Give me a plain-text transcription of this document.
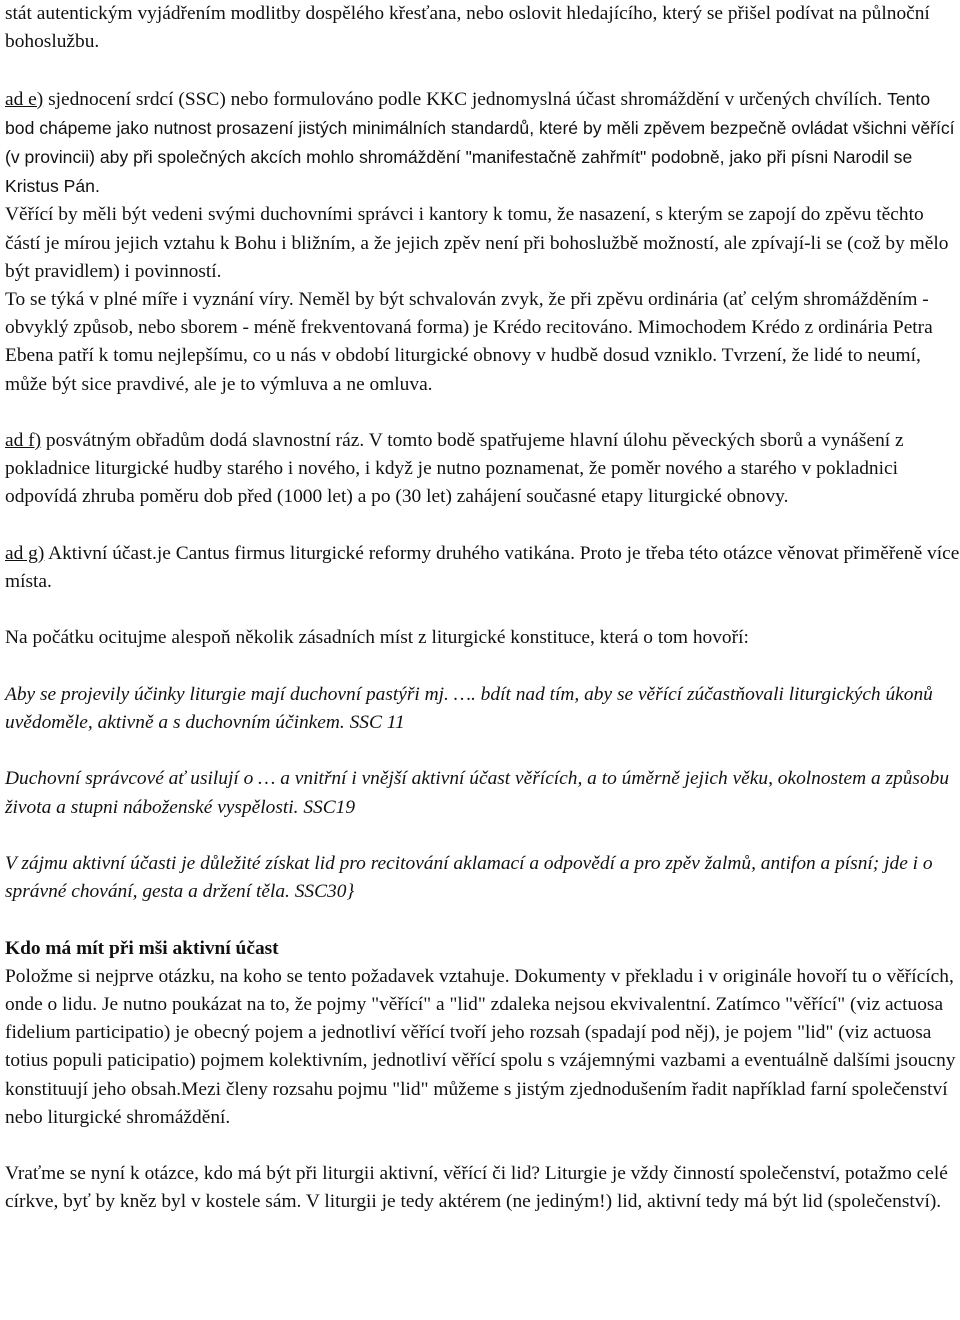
stát autentickým vyjádřením modlitby dospělého křesťana, nebo oslovit hledajícího, který se přišel podívat na půlnoční bohoslužbu.

ad e) sjednocení srdcí (SSC) nebo formulováno podle KKC jednomyslná účast shromáždění v určených chvílích. Tento bod chápeme jako nutnost prosazení jistých minimálních standardů, které by měli zpěvem bezpečně ovládat všichni věřící (v provincii) aby při společných akcích mohlo shromáždění "manifestačně zahřmít" podobně, jako při písni Narodil se Kristus Pán.

Věřící by měli být vedeni svými duchovními správci i kantory k tomu, že nasazení, s kterým se zapojí do zpěvu těchto částí je mírou jejich vztahu k Bohu i bližním, a že jejich zpěv není při bohoslužbě možností, ale zpívají-li se (což by mělo být pravidlem) i povinností.

To se týká v plné míře i vyznání víry. Neměl by být schvalován zvyk, že při zpěvu ordinária (ať celým shromážděním - obvyklý způsob, nebo sborem - méně frekventovaná forma) je Krédo recitováno. Mimochodem Krédo z ordinária Petra Ebena patří k tomu nejlepšímu, co u nás v období liturgické obnovy v hudbě dosud vzniklo. Tvrzení, že lidé to neumí, může být sice pravdivé, ale je to výmluva a ne omluva.

ad f) posvátným obřadům dodá slavnostní ráz. V tomto bodě spatřujeme hlavní úlohu pěveckých sborů a vynášení z pokladnice liturgické hudby starého i nového, i když je nutno poznamenat, že poměr nového a starého v pokladnici odpovídá zhruba poměru dob před (1000 let) a po (30 let) zahájení současné etapy liturgické obnovy.

ad g) Aktivní účast.je Cantus firmus liturgické reformy druhého vatikána. Proto je třeba této otázce věnovat přiměřeně více místa.

Na počátku ocitujme alespoň několik zásadních míst z liturgické konstituce, která o tom hovoří:

Aby se projevily účinky liturgie mají duchovní pastýři mj. …. bdít nad tím, aby se věřící zúčastňovali liturgických úkonů uvědoměle, aktivně a s duchovním účinkem. SSC 11

Duchovní správcové ať usilují o … a vnitřní i vnější aktivní účast věřících, a to úměrně jejich věku, okolnostem a způsobu života a stupni náboženské vyspělosti. SSC19

V zájmu aktivní účasti je důležité získat lid pro recitování aklamací a odpovědí a pro zpěv žalmů, antifon a písní; jde i o správné chování, gesta a držení těla. SSC30}

Kdo má mít při mši aktivní účast

Položme si nejprve otázku, na koho se tento požadavek vztahuje. Dokumenty v překladu i v originále hovoří tu o věřících, onde o lidu. Je nutno poukázat na to, že pojmy "věřící" a "lid" zdaleka nejsou ekvivalentní. Zatímco "věřící" (viz actuosa fidelium participatio) je obecný pojem a jednotliví věřící tvoří jeho rozsah (spadají pod něj), je pojem "lid" (viz actuosa totius populi paticipatio) pojmem kolektivním, jednotliví věřící spolu s vzájemnými vazbami a eventuálně dalšími jsoucny konstituují jeho obsah.Mezi členy rozsahu pojmu "lid" můžeme s jistým zjednodušením řadit například farní společenství nebo liturgické shromáždění.

Vraťme se nyní k otázce, kdo má být při liturgii aktivní, věřící či lid? Liturgie je vždy činností společenství, potažmo celé církve, byť by kněz byl v kostele sám. V liturgii je tedy aktérem (ne jediným!) lid, aktivní tedy má být lid (společenství).
